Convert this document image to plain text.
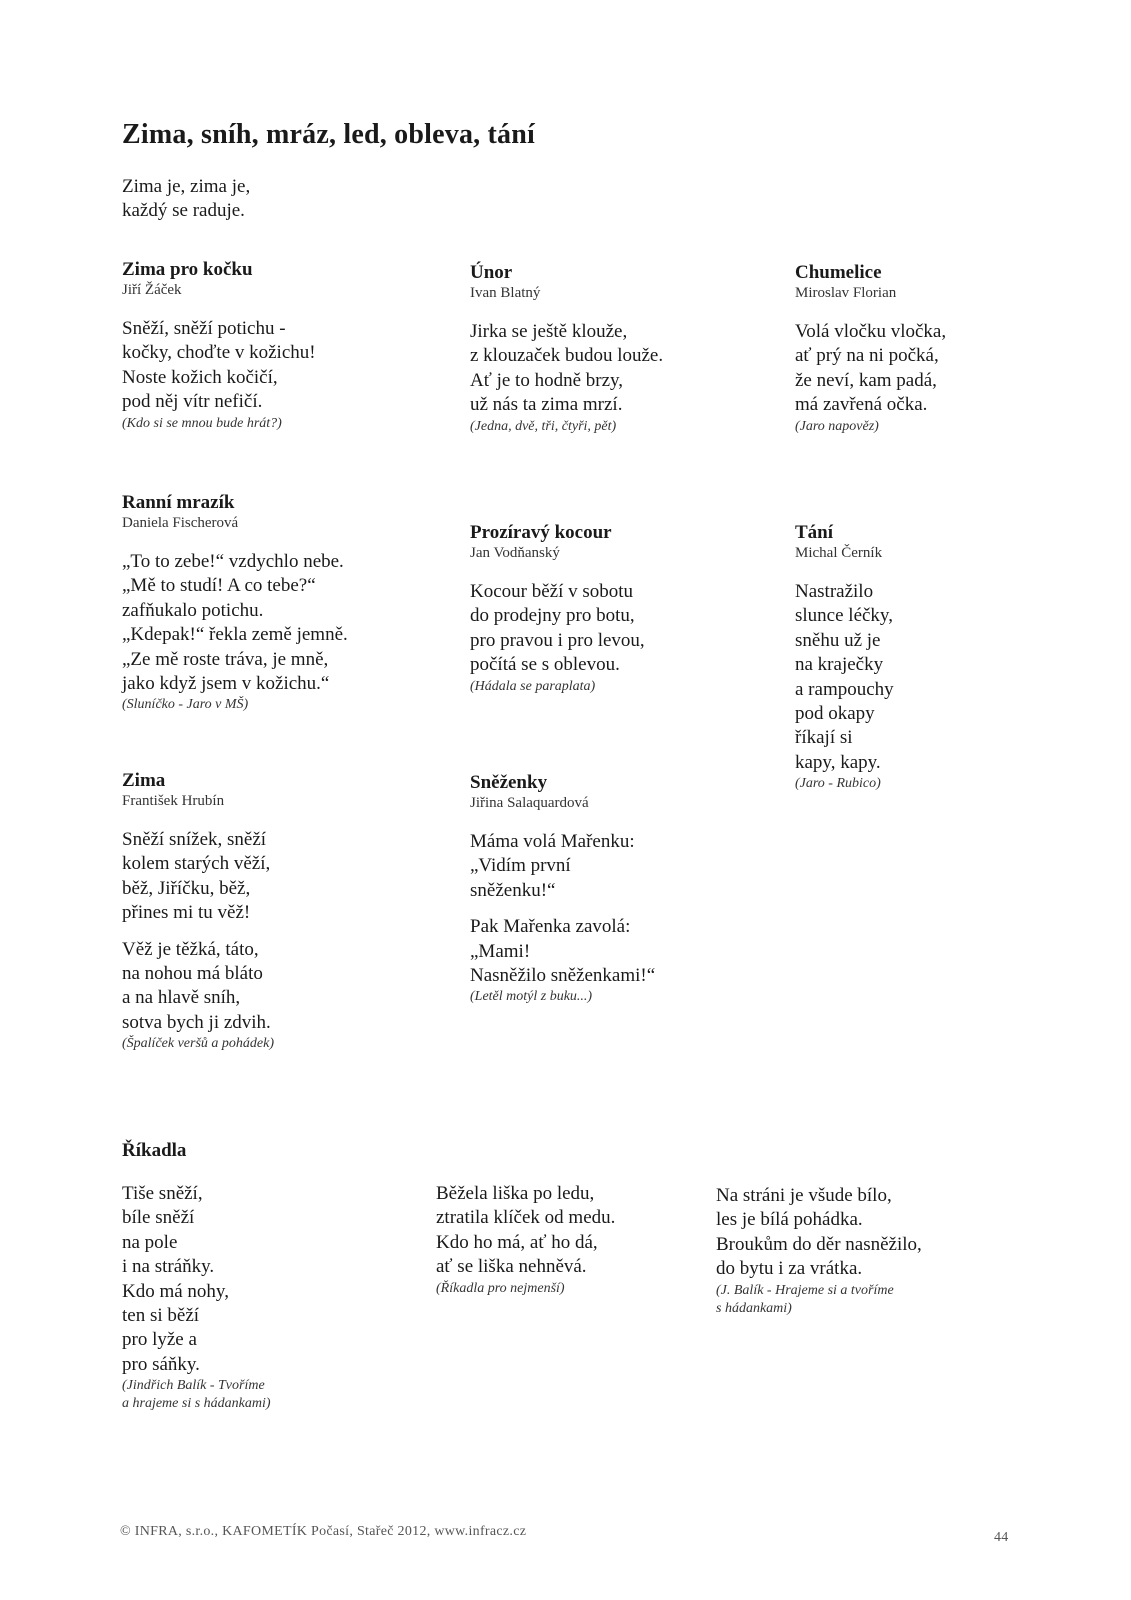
Zima, sníh, mráz, led, obleva, tání
Zima je, zima je,
každý se raduje.
Zima pro kočku
Jiří Žáček
Sněží, sněží potichu -
kočky, choďte v kožichu!
Noste kožich kočičí,
pod něj vítr nefičí.
(Kdo si se mnou bude hrát?)
Únor
Ivan Blatný
Jirka se ještě klouže,
z klouzaček budou louže.
Ať je to hodně brzy,
už nás ta zima mrzí.
(Jedna, dvě, tři, čtyři, pět)
Chumelice
Miroslav Florian
Volá vločku vločka,
ať prý na ni počká,
že neví, kam padá,
má zavřená očka.
(Jaro napověz)
Ranní mrazík
Daniela Fischerová
„To to zebe!“ vzdychlo nebe.
„Mě to studí! A co tebe?“
zafňukalo potichu.
„Kdepak!“ řekla země jemně.
„Ze mě roste tráva, je mně,
jako když jsem v kožichu.“
(Sluníčko - Jaro v MŠ)
Prozíravý kocour
Jan Vodňanský
Kocour běží v sobotu
do prodejny pro botu,
pro pravou i pro levou,
počítá se s oblevou.
(Hádala se paraplata)
Tání
Michal Černík
Nastražilo
slunce léčky,
sněhu už je
na kraječky
a rampouchy
pod okapy
říkají si
kapy, kapy.
(Jaro - Rubico)
Zima
František Hrubín
Sněží snížek, sněží
kolem starých věží,
běž, Jiříčku, běž,
přines mi tu věž!
Věž je těžká, táto,
na nohou má bláto
a na hlavě sníh,
sotva bych ji zdvih.
(Špalíček veršů a pohádek)
Sněženky
Jiřina Salaquardová
Máma volá Mařenku:
„Vidím první
sněženku!“
Pak Mařenka zavolá:
„Mami!
Nasněžilo sněženkami!“
(Letěl motýl z buku...)
Říkadla
Tiše sněží,
bíle sněží
na pole
i na stráňky.
Kdo má nohy,
ten si běží
pro lyže a
pro sáňky.
(Jindřich Balík - Tvoříme
a hrajeme si s hádankami)
Běžela liška po ledu,
ztratila klíček od medu.
Kdo ho má, ať ho dá,
ať se liška nehněvá.
(Říkadla pro nejmenší)
Na stráni je všude bílo,
les je bílá pohádka.
Broukům do děr nasněžilo,
do bytu i za vrátka.
(J. Balík - Hrajeme si a tvoříme
s hádankami)
© INFRA, s.r.o., KAFOMETÍK Počasí, Stařeč 2012, www.infracz.cz	44
